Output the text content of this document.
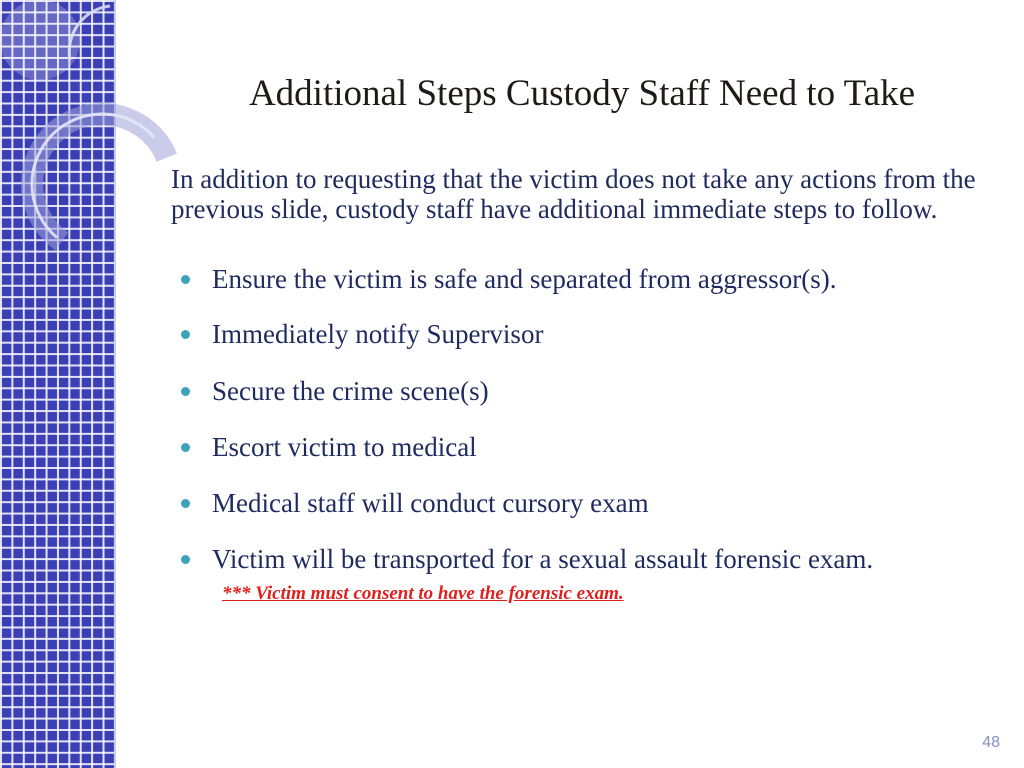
Additional Steps Custody Staff Need to Take

In addition to requesting that the victim does not take any actions from the previous slide, custody staff have additional immediate steps to follow.

Ensure the victim is safe and separated from aggressor(s).
Immediately notify Supervisor
Secure the crime scene(s)
Escort victim to medical
Medical staff will conduct cursory exam
Victim will be transported for a sexual assault forensic exam.
*** Victim must consent to have the forensic exam.
48
